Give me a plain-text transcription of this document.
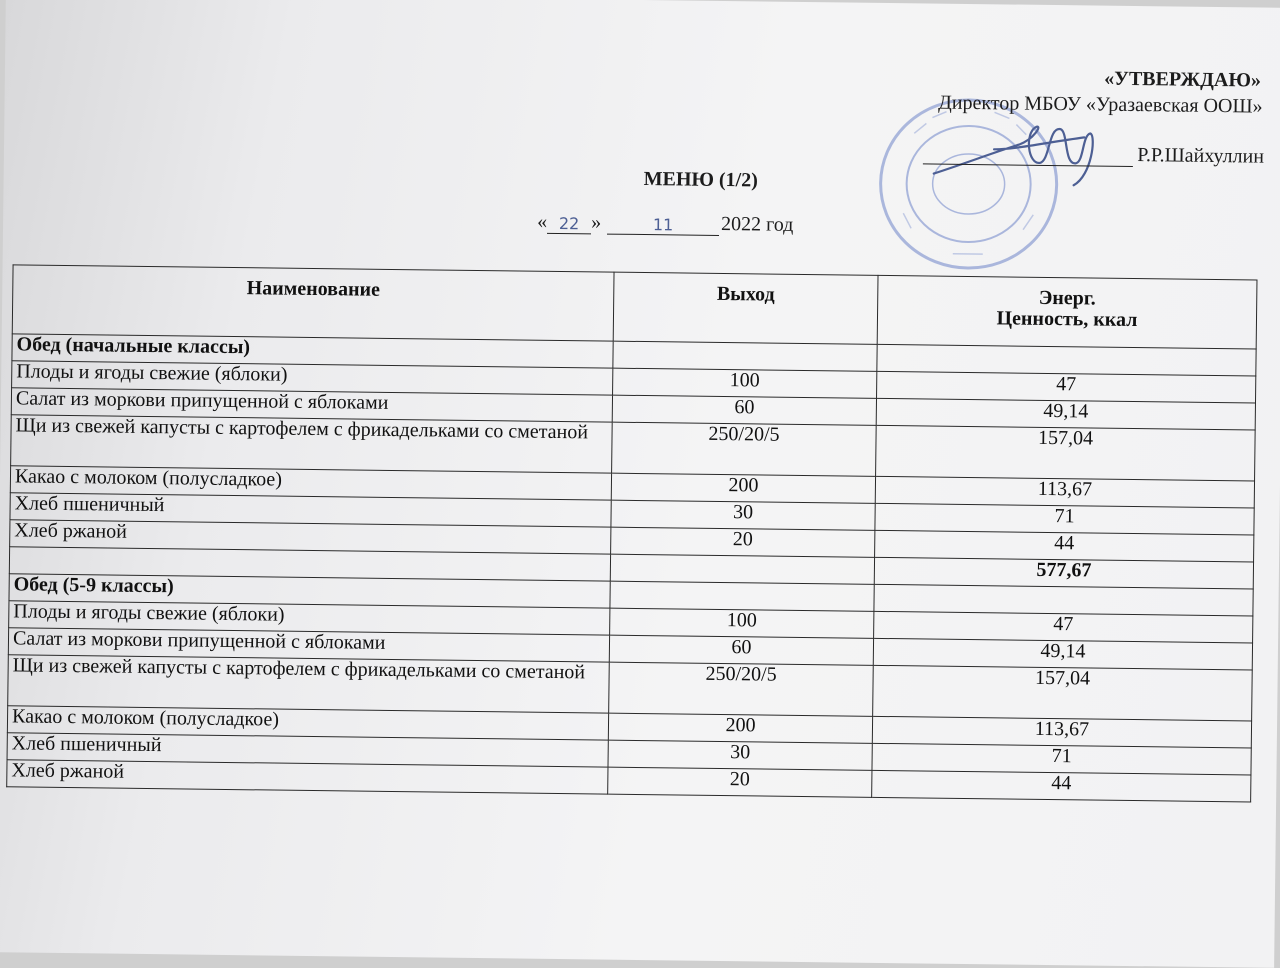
«УТВЕРЖДАЮ»
Директор МБОУ «Уразаевская ООШ»
Р.Р.Шайхуллин
МЕНЮ (1/2)
« 22 »	11	2022 год
Наименование	Выход	Энерг.
Ценность, ккал

Обед (начальные классы)		
Плоды и ягоды свежие (яблоки)	100	47
Салат из моркови припущенной с яблоками	60	49,14
Щи из свежей капусты с картофелем с фрикадельками со сметаной	250/20/5	157,04
Какао с молоком (полусладкое)	200	113,67
Хлеб пшеничный	30	71
Хлеб ржаной	20	44
		577,67
Обед (5-9 классы)		
Плоды и ягоды свежие (яблоки)	100	47
Салат из моркови припущенной с яблоками	60	49,14
Щи из свежей капусты с картофелем с фрикадельками со сметаной	250/20/5	157,04
Какао с молоком (полусладкое)	200	113,67
Хлеб пшеничный	30	71
Хлеб ржаной	20	44
